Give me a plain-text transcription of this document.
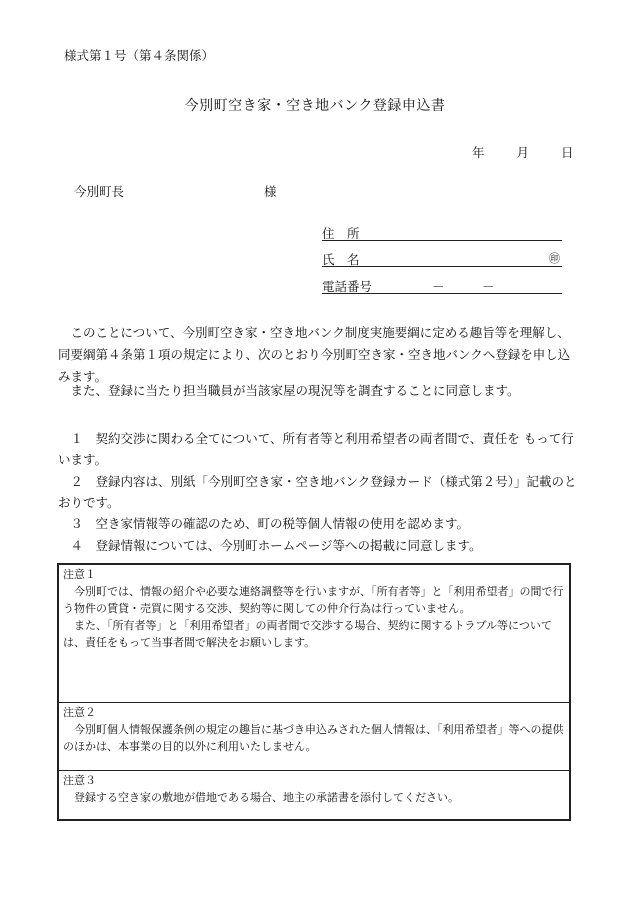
様式第１号（第４条関係）
今別町空き家・空き地バンク登録申込書
年	月	日
今別町長	様
住　所
氏　名	㊞
電話番号	－	－
　このことについて、今別町空き家・空き地バンク制度実施要綱に定める趣旨等を理解し、同要綱第４条第１項の規定により、次のとおり今別町空き家・空き地バンクへ登録を申し込みます。
　また、登録に当たり担当職員が当該家屋の現況等を調査することに同意します。
　１　契約交渉に関わる全てについて、所有者等と利用希望者の両者間で、責任を もって行います。
　２　登録内容は、別紙「今別町空き家・空き地バンク登録カード（様式第２号）」記載のとおりです。
　３　空き家情報等の確認のため、町の税等個人情報の使用を認めます。
　４　登録情報については、今別町ホームページ等への掲載に同意します。
注意１
今別町では、情報の紹介や必要な連絡調整等を行いますが、「所有者等」と「利用希望者」の間で行う物件の賃貸・売買に関する交渉、契約等に関しての仲介行為は行っていません。
また、「所有者等」と「利用希望者」の両者間で交渉する場合、契約に関するトラブル等については、責任をもって当事者間で解決をお願いします。
注意２
今別町個人情報保護条例の規定の趣旨に基づき申込みされた個人情報は、「利用希望者」等への提供のほかは、本事業の目的以外に利用いたしません。
注意３
登録する空き家の敷地が借地である場合、地主の承諾書を添付してください。
